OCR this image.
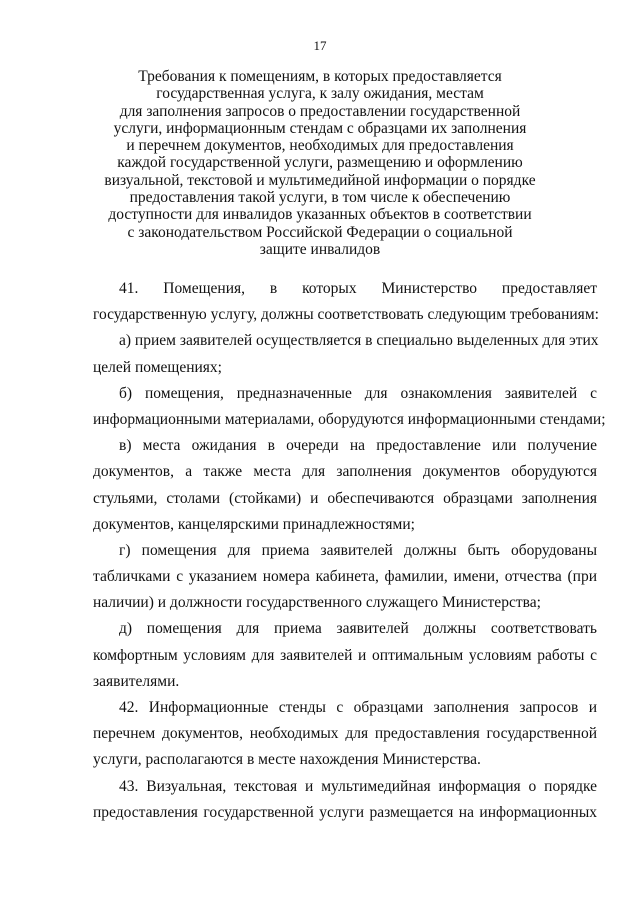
17
Требования к помещениям, в которых предоставляется
государственная услуга, к залу ожидания, местам
для заполнения запросов о предоставлении государственной
услуги, информационным стендам с образцами их заполнения
и перечнем документов, необходимых для предоставления
каждой государственной услуги, размещению и оформлению
визуальной, текстовой и мультимедийной информации о порядке
предоставления такой услуги, в том числе к обеспечению
доступности для инвалидов указанных объектов в соответствии
с законодательством Российской Федерации о социальной
защите инвалидов
41. Помещения, в которых Министерство предоставляет
государственную услугу, должны соответствовать следующим требованиям:
а) прием заявителей осуществляется в специально выделенных для этих
целей помещениях;
б) помещения, предназначенные для ознакомления заявителей с
информационными материалами, оборудуются информационными стендами;
в) места ожидания в очереди на предоставление или получение
документов, а также места для заполнения документов оборудуются
стульями, столами (стойками) и обеспечиваются образцами заполнения
документов, канцелярскими принадлежностями;
г) помещения для приема заявителей должны быть оборудованы
табличками с указанием номера кабинета, фамилии, имени, отчества (при
наличии) и должности государственного служащего Министерства;
д) помещения для приема заявителей должны соответствовать
комфортным условиям для заявителей и оптимальным условиям работы с
заявителями.
42. Информационные стенды с образцами заполнения запросов и
перечнем документов, необходимых для предоставления государственной
услуги, располагаются в месте нахождения Министерства.
43. Визуальная, текстовая и мультимедийная информация о порядке
предоставления государственной услуги размещается на информационных
